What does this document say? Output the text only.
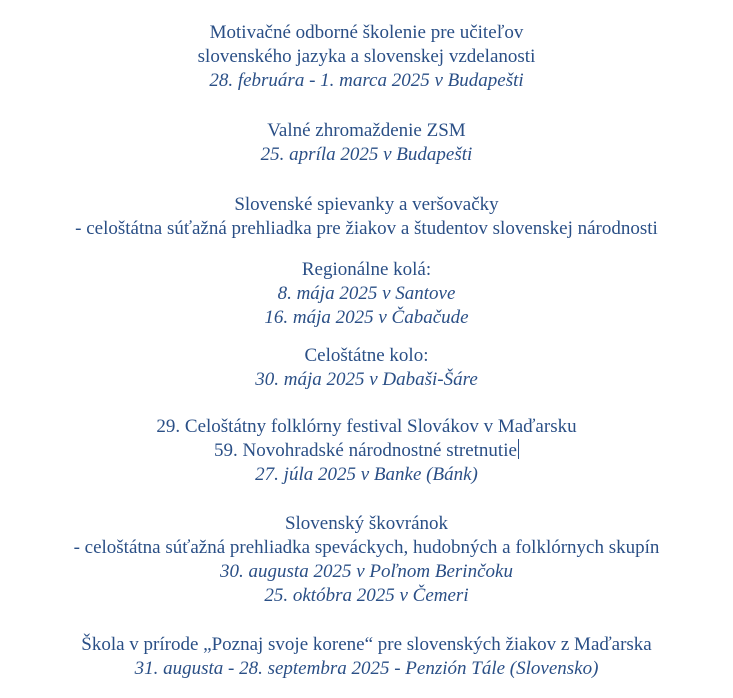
Motivačné odborné školenie pre učiteľov
slovenského jazyka a slovenskej vzdelanosti
28. februára - 1. marca 2025 v Budapešti
Valné zhromaždenie ZSM
25. apríla 2025 v Budapešti
Slovenské spievanky a veršovačky
- celoštátna súťažná prehliadka pre žiakov a študentov slovenskej národnosti
Regionálne kolá:
8. mája 2025 v Santove
16. mája 2025 v Čabačude
Celoštátne kolo:
30. mája 2025 v Dabaši-Šáre
29. Celoštátny folklórny festival Slovákov v Maďarsku
59. Novohradské národnostné stretnutie
27. júla 2025 v Banke (Bánk)
Slovenský škovránok
- celoštátna súťažná prehliadka speváckych, hudobných a folklórnych skupín
30. augusta 2025 v Poľnom Berinčoku
25. októbra 2025 v Čemeri
Škola v prírode „Poznaj svoje korene“ pre slovenských žiakov z Maďarska
31. augusta - 28. septembra 2025 - Penzión Tále (Slovensko)
